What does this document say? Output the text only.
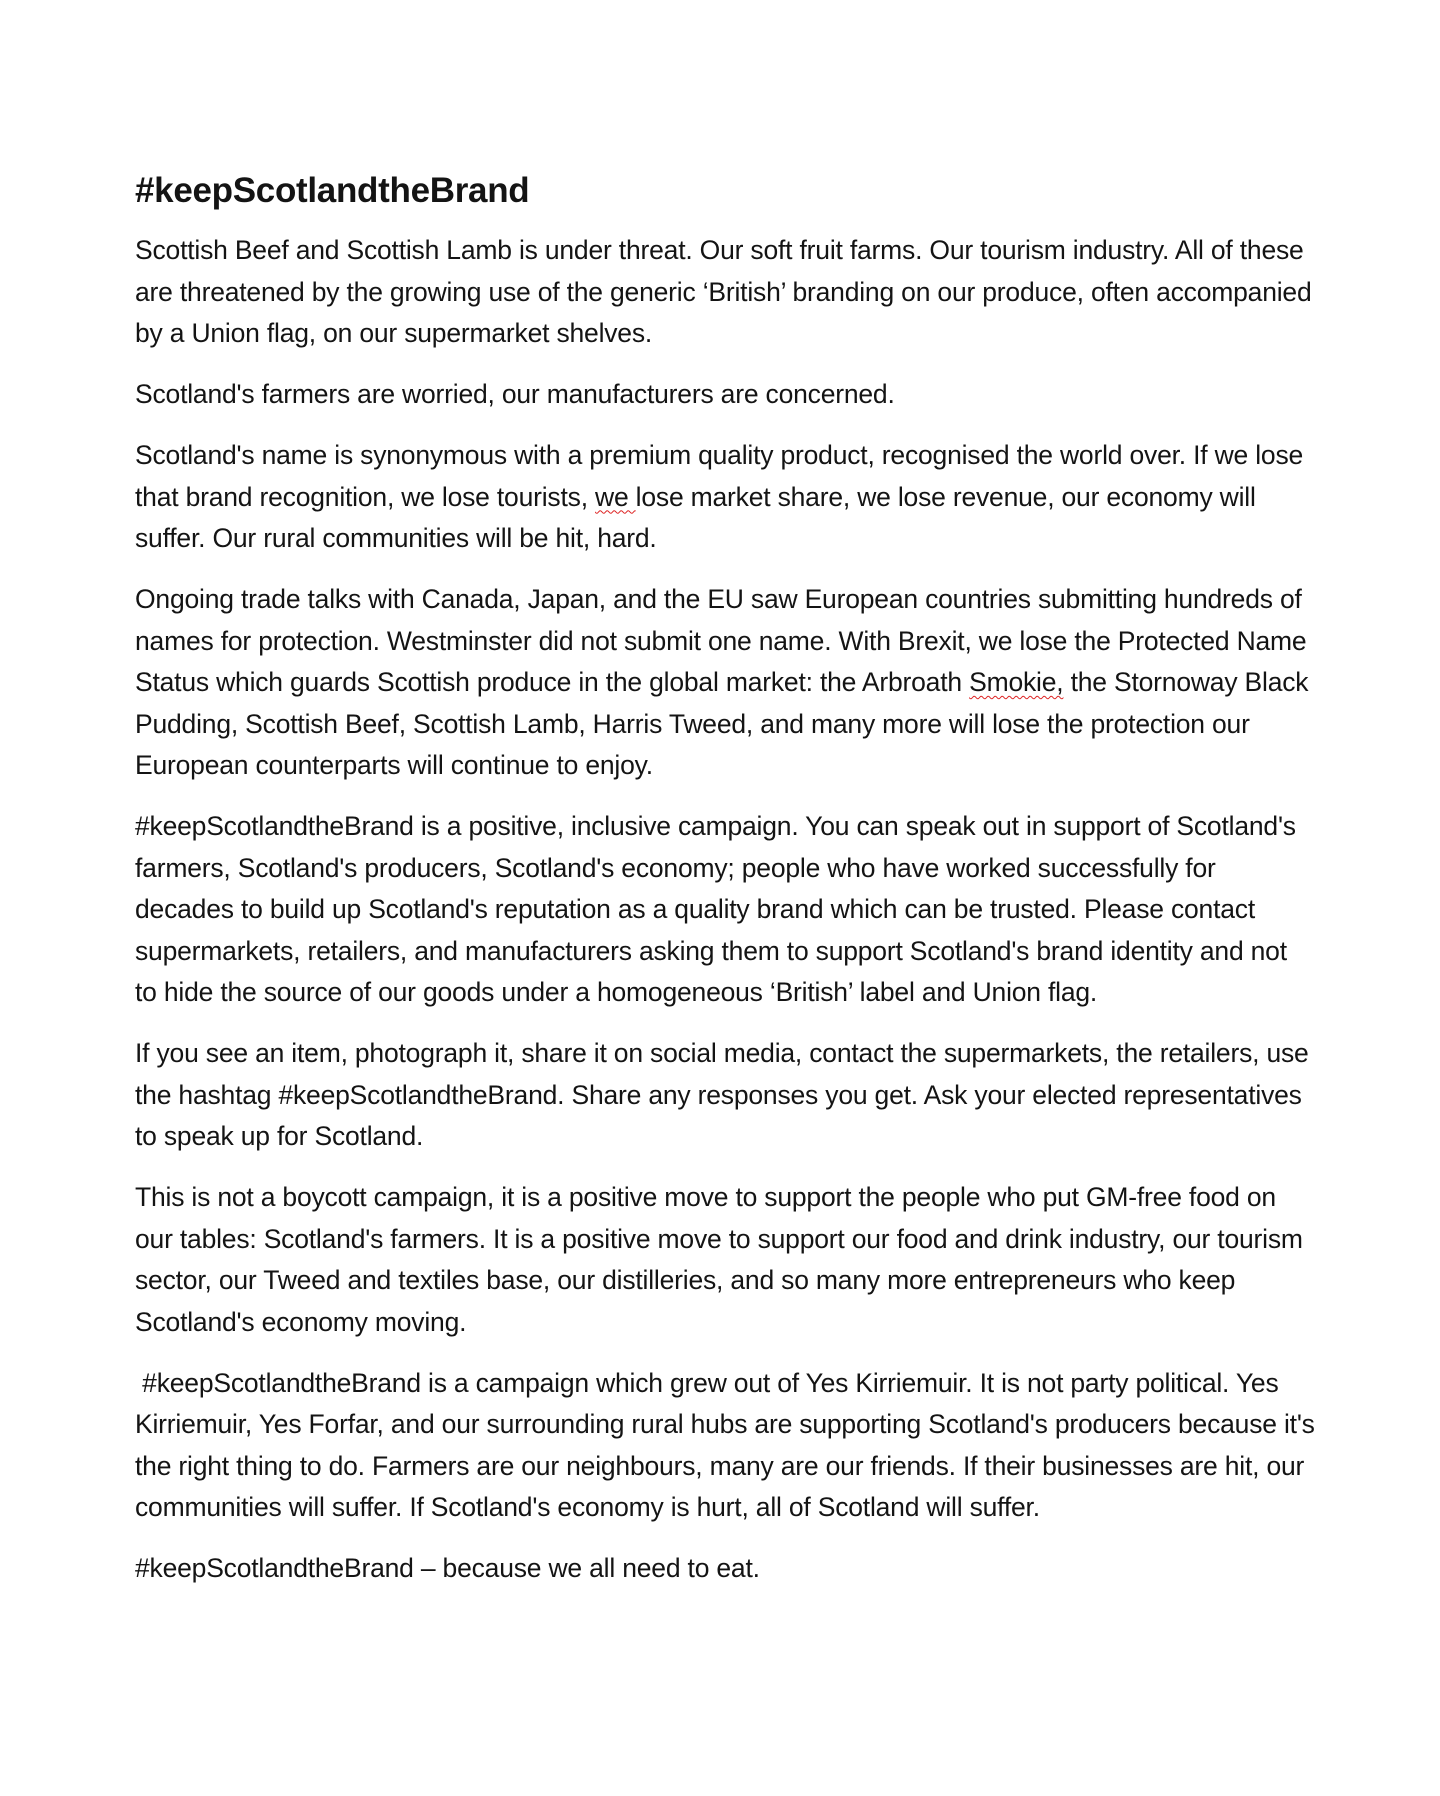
#keepScotlandtheBrand

Scottish Beef and Scottish Lamb is under threat. Our soft fruit farms. Our tourism industry. All of these are threatened by the growing use of the generic ‘British’ branding on our produce, often accompanied by a Union flag, on our supermarket shelves.

Scotland's farmers are worried, our manufacturers are concerned.

Scotland's name is synonymous with a premium quality product, recognised the world over. If we lose that brand recognition, we lose tourists, we lose market share, we lose revenue, our economy will suffer. Our rural communities will be hit, hard.

Ongoing trade talks with Canada, Japan, and the EU saw European countries submitting hundreds of names for protection. Westminster did not submit one name. With Brexit, we lose the Protected Name Status which guards Scottish produce in the global market: the Arbroath Smokie, the Stornoway Black Pudding, Scottish Beef, Scottish Lamb, Harris Tweed, and many more will lose the protection our European counterparts will continue to enjoy.

#keepScotlandtheBrand is a positive, inclusive campaign. You can speak out in support of Scotland's farmers, Scotland's producers, Scotland's economy; people who have worked successfully for decades to build up Scotland's reputation as a quality brand which can be trusted. Please contact supermarkets, retailers, and manufacturers asking them to support Scotland's brand identity and not to hide the source of our goods under a homogeneous ‘British’ label and Union flag.

If you see an item, photograph it, share it on social media, contact the supermarkets, the retailers, use the hashtag #keepScotlandtheBrand. Share any responses you get. Ask your elected representatives to speak up for Scotland.

This is not a boycott campaign, it is a positive move to support the people who put GM-free food on our tables: Scotland's farmers. It is a positive move to support our food and drink industry, our tourism sector, our Tweed and textiles base, our distilleries, and so many more entrepreneurs who keep Scotland's economy moving.

#keepScotlandtheBrand is a campaign which grew out of Yes Kirriemuir. It is not party political. Yes Kirriemuir, Yes Forfar, and our surrounding rural hubs are supporting Scotland's producers because it's the right thing to do. Farmers are our neighbours, many are our friends. If their businesses are hit, our communities will suffer. If Scotland's economy is hurt, all of Scotland will suffer.

#keepScotlandtheBrand – because we all need to eat.
